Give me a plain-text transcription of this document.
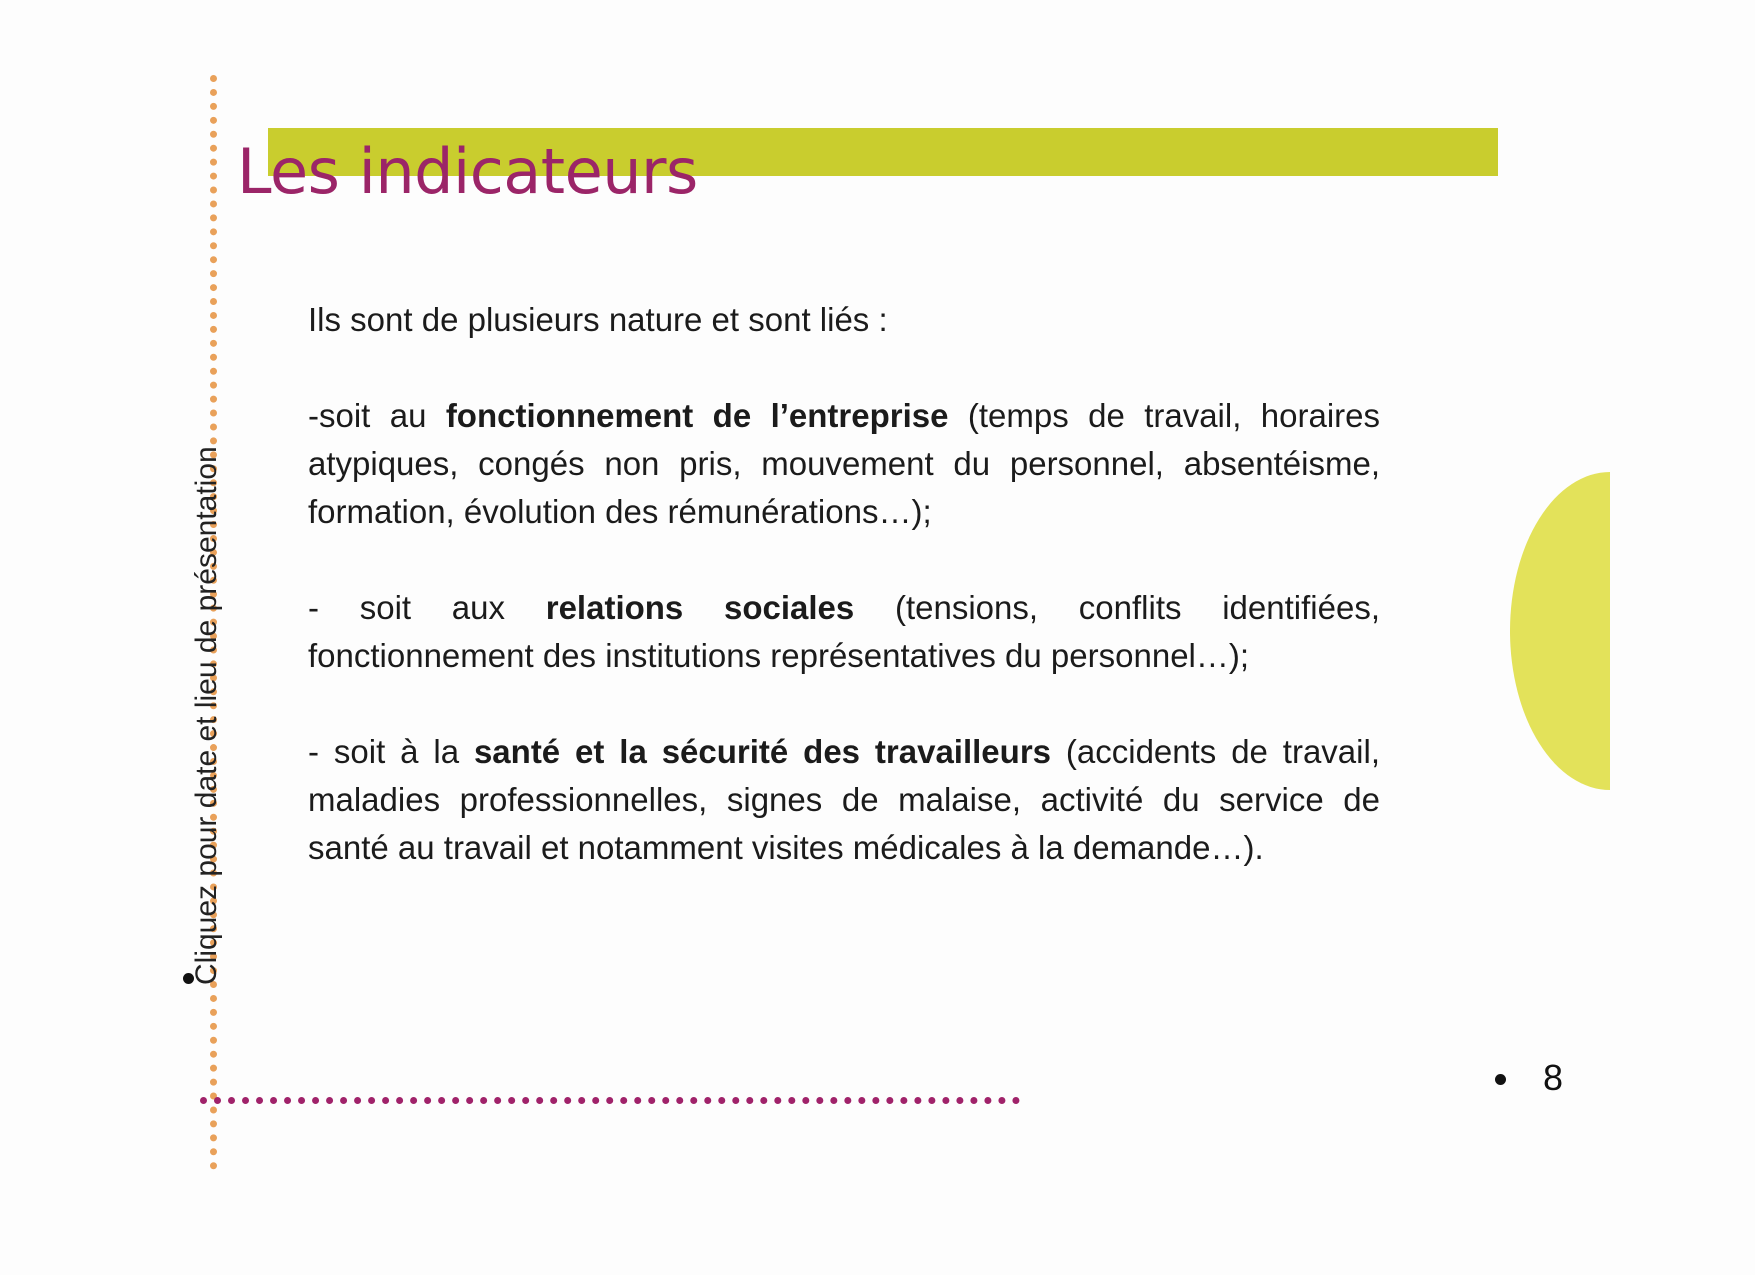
Les indicateurs
Cliquez pour date et lieu de présentation

Ils sont de plusieurs nature et sont liés :

-soit au fonctionnement de l’entreprise (temps de travail, horaires atypiques, congés non pris, mouvement du personnel, absentéisme, formation, évolution des rémunérations…);

- soit aux relations sociales (tensions, conflits identifiées, fonctionnement des institutions représentatives du personnel…);

- soit à la santé et la sécurité des travailleurs (accidents de travail, maladies professionnelles, signes de malaise, activité du service de santé au travail et notamment visites médicales à la demande…).

8
